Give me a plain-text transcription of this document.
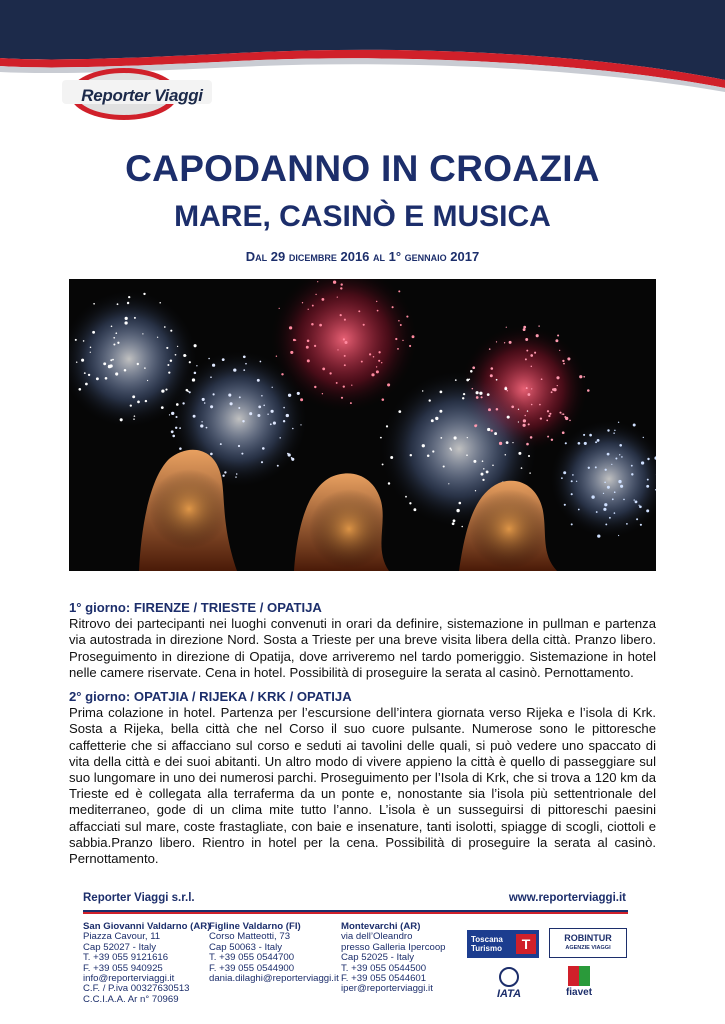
Reporter Viaggi
CAPODANNO IN CROAZIA
MARE, CASINÒ E MUSICA
Dal 29 dicembre 2016 al 1° gennaio 2017
1° giorno: FIRENZE / TRIESTE / OPATIJA

Ritrovo dei partecipanti nei luoghi convenuti in orari da definire, sistemazione in pullman e partenza via autostrada in direzione Nord. Sosta a Trieste per una breve visita libera della città. Pranzo libero. Proseguimento in direzione di Opatija, dove arriveremo nel tardo pomeriggio. Sistemazione in hotel nelle camere riservate. Cena in hotel. Possibilità di proseguire la serata al casinò. Pernottamento.

2° giorno: OPATJIA / RIJEKA / KRK / OPATIJA

Prima colazione in hotel. Partenza per l’escursione dell’intera giornata verso Rijeka e l’isola di Krk. Sosta a Rijeka, bella città che nel Corso il suo cuore pulsante. Numerose sono le pittoresche caffetterie che si affacciano sul corso e seduti ai tavolini delle quali, si può vedere uno spaccato di vita della città e dei suoi abitanti. Un altro modo di vivere appieno la città è quello di passeggiare sul suo lungomare in uno dei numerosi parchi. Proseguimento per l’Isola di Krk, che si trova a 120 km da Trieste ed è collegata alla terraferma da un ponte e, nonostante sia l’isola più settentrionale del mediterraneo, gode di un clima mite tutto l’anno. L’isola è un susseguirsi di pittoreschi paesini affacciati sul mare, coste frastagliate, con baie e insenature, tanti isolotti, spiagge di scogli, ciottoli e sabbia.Pranzo libero. Rientro in hotel per la cena. Possibilità di proseguire la serata al casinò. Pernottamento.

Reporter Viaggi s.r.l.	www.reporterviaggi.it
San Giovanni Valdarno (AR)
Piazza Cavour, 11
Cap 52027 - Italy
T. +39 055 9121616
F. +39 055 940925
info@reporterviaggi.it
C.F. / P.iva 00327630513
C.C.I.A.A. Ar n° 70969
Figline Valdarno (FI)
Corso Matteotti, 73
Cap 50063 - Italy
T. +39 055 0544700
F. +39 055 0544900
dania.dilaghi@reporterviaggi.it
Montevarchi (AR)
via dell’Oleandro
presso Galleria Ipercoop
Cap 52025 - Italy
T. +39 055 0544500
F. +39 055 0544601
iper@reporterviaggi.it
Toscana
Turismo	T	ROBINTUR
AGENZIE VIAGGI
IATA	fiavet
